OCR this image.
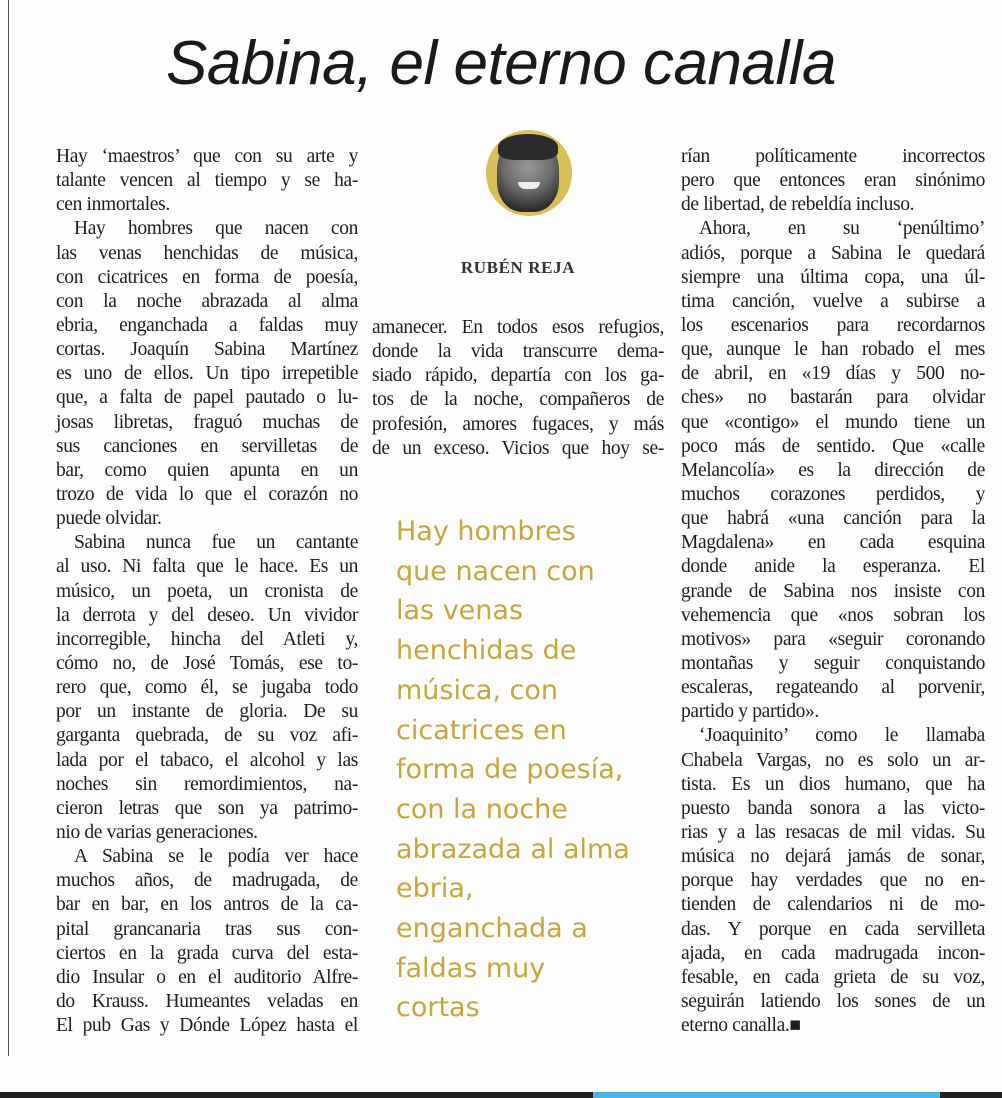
Sabina, el eterno canalla
Hay ‘maestros’ que con su arte y
talante vencen al tiempo y se ha-
cen inmortales.
Hay hombres que nacen con
las venas henchidas de música,
con cicatrices en forma de poesía,
con la noche abrazada al alma
ebria, enganchada a faldas muy
cortas. Joaquín Sabina Martínez
es uno de ellos. Un tipo irrepetible
que, a falta de papel pautado o lu-
josas libretas, fraguó muchas de
sus canciones en servilletas de
bar, como quien apunta en un
trozo de vida lo que el corazón no
puede olvidar.
Sabina nunca fue un cantante
al uso. Ni falta que le hace. Es un
músico, un poeta, un cronista de
la derrota y del deseo. Un vividor
incorregible, hincha del Atleti y,
cómo no, de José Tomás, ese to-
rero que, como él, se jugaba todo
por un instante de gloria. De su
garganta quebrada, de su voz afi-
lada por el tabaco, el alcohol y las
noches sin remordimientos, na-
cieron letras que son ya patrimo-
nio de varias generaciones.
A Sabina se le podía ver hace
muchos años, de madrugada, de
bar en bar, en los antros de la ca-
pital grancanaria tras sus con-
ciertos en la grada curva del esta-
dio Insular o en el auditorio Alfre-
do Krauss. Humeantes veladas en
El pub Gas y Dónde López hasta el
amanecer. En todos esos refugios,
donde la vida transcurre dema-
siado rápido, departía con los ga-
tos de la noche, compañeros de
profesión, amores fugaces, y más
de un exceso. Vicios que hoy se-
rían políticamente incorrectos
pero que entonces eran sinónimo
de libertad, de rebeldía incluso.
Ahora, en su ‘penúltimo’
adiós, porque a Sabina le quedará
siempre una última copa, una úl-
tima canción, vuelve a subirse a
los escenarios para recordarnos
que, aunque le han robado el mes
de abril, en «19 días y 500 no-
ches» no bastarán para olvidar
que «contigo» el mundo tiene un
poco más de sentido. Que «calle
Melancolía» es la dirección de
muchos corazones perdidos, y
que habrá «una canción para la
Magdalena» en cada esquina
donde anide la esperanza. El
grande de Sabina nos insiste con
vehemencia que «nos sobran los
motivos» para «seguir coronando
montañas y seguir conquistando
escaleras, regateando al porvenir,
partido y partido».
‘Joaquinito’ como le llamaba
Chabela Vargas, no es solo un ar-
tista. Es un dios humano, que ha
puesto banda sonora a las victo-
rias y a las resacas de mil vidas. Su
música no dejará jamás de sonar,
porque hay verdades que no en-
tienden de calendarios ni de mo-
das. Y porque en cada servilleta
ajada, en cada madrugada incon-
fesable, en cada grieta de su voz,
seguirán latiendo los sones de un
eterno canalla.■
RUBÉN REJA
Hay hombres
que nacen con
las venas
henchidas de
música, con
cicatrices en
forma de poesía,
con la noche
abrazada al alma
ebria,
enganchada a
faldas muy
cortas
